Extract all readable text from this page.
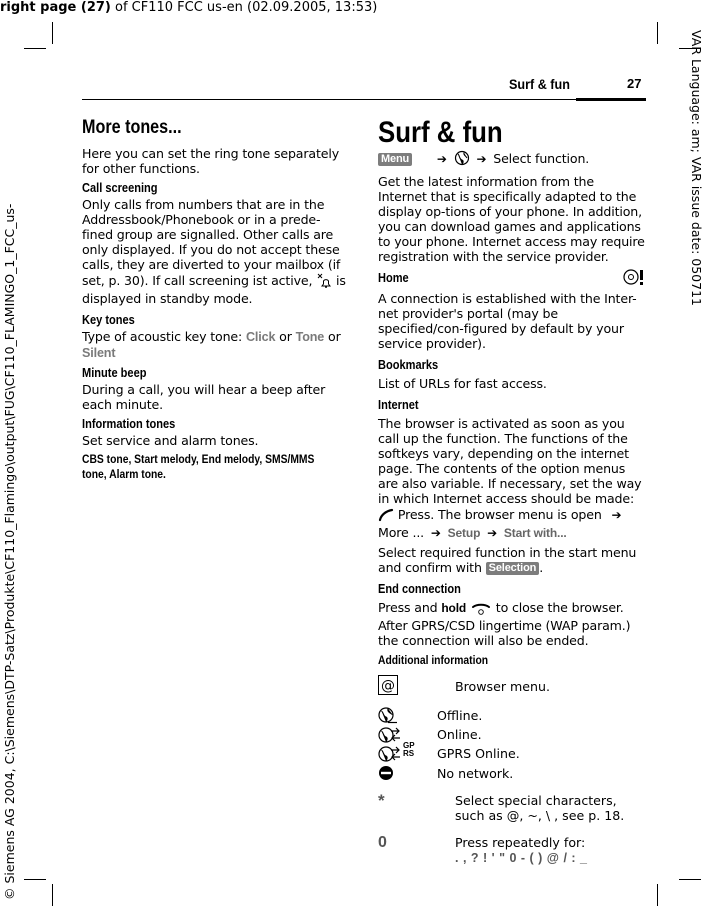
right page (27) of CF110 FCC us-en (02.09.2005, 13:53)
VAR Language: am; VAR issue date: 050711
© Siemens AG 2004, C:\Siemens\DTP-Satz\Produkte\CF110_Flamingo\output\FUG\CF110_FLAMINGO_1_FCC_us-
Surf & fun	27
More tones...
Here you can set the ring tone separately for other functions.
Call screening
Only calls from numbers that are in the Addressbook/Phonebook or in a prede-fined group are signalled. Other calls are only displayed. If you do not accept these calls, they are diverted to your mailbox (if set, p. 30). If call screening ist active, is displayed in standby mode.
Key tones
Type of acoustic key tone: Click or Tone or
Silent
Minute beep
During a call, you will hear a beep after each minute.
Information tones
Set service and alarm tones.
CBS tone, Start melody, End melody, SMS/MMS tone, Alarm tone.
Surf & fun
Menu ➔ ➔ Select function.
Get the latest information from the Internet that is specifically adapted to the display op-tions of your phone. In addition, you can download games and applications to your phone. Internet access may require registration with the service provider.
Home
A connection is established with the Inter-net provider's portal (may be specified/con-figured by default by your service provider).
Bookmarks
List of URLs for fast access.
Internet
The browser is activated as soon as you call up the function. The functions of the softkeys vary, depending on the internet page. The contents of the option menus are also variable. If necessary, set the way in which Internet access should be made:
Press. The browser menu is open ➔
More ... ➔ Setup ➔ Start with...
Select required function in the start menu and confirm with Selection .
End connection
Press and hold  to close the browser. After GPRS/CSD lingertime (WAP param.) the connection will also be ended.
Additional information
@	Browser menu.
Offline.
Online.
GP
RS GPRS Online.
No network.
*	Select special characters, such as @, ~, \ , see p. 18.
0	Press repeatedly for:
. , ? ! ' " 0 - ( ) @ / : _
